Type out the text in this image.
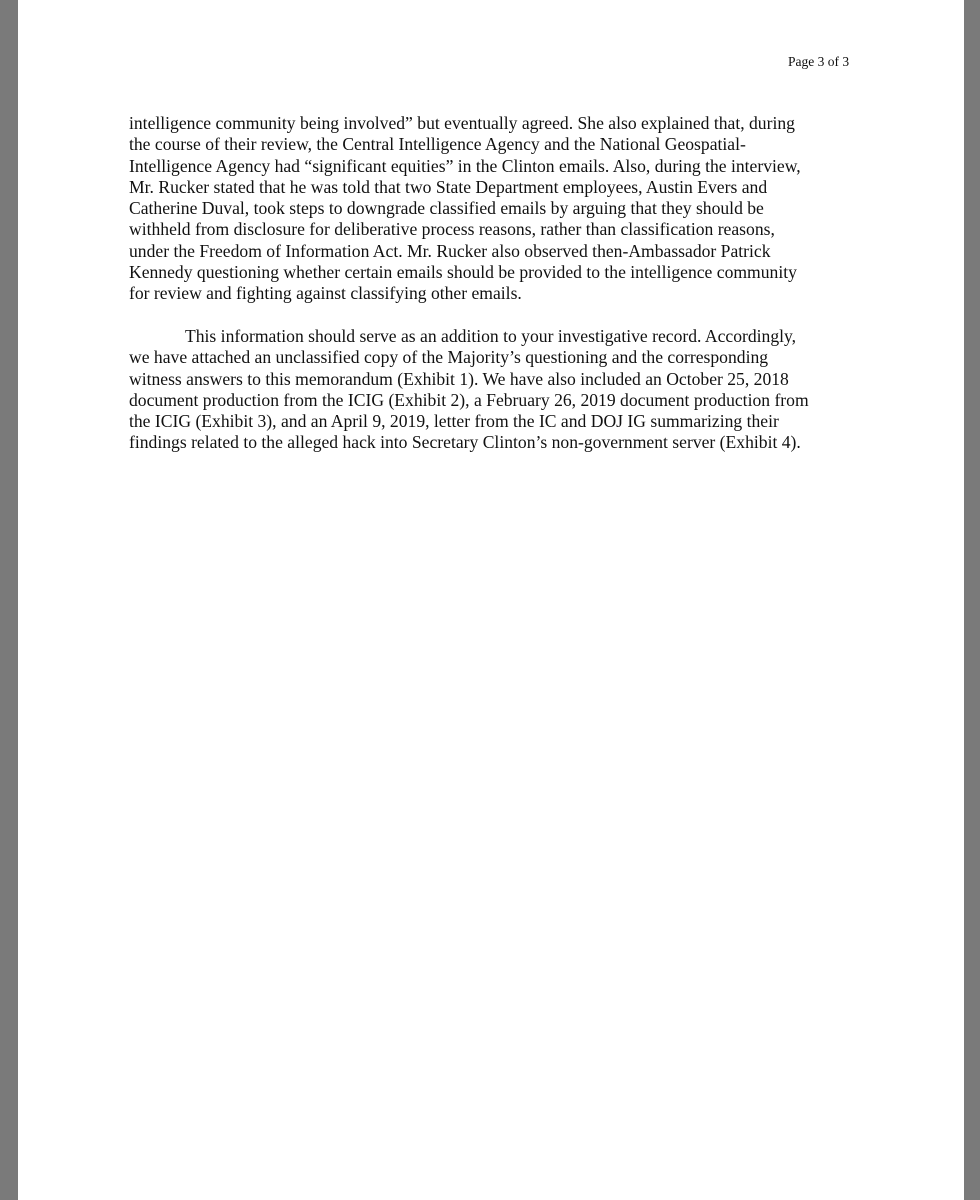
Page 3 of 3

intelligence community being involved” but eventually agreed. She also explained that, during
the course of their review, the Central Intelligence Agency and the National Geospatial-
Intelligence Agency had “significant equities” in the Clinton emails. Also, during the interview,
Mr. Rucker stated that he was told that two State Department employees, Austin Evers and
Catherine Duval, took steps to downgrade classified emails by arguing that they should be
withheld from disclosure for deliberative process reasons, rather than classification reasons,
under the Freedom of Information Act. Mr. Rucker also observed then-Ambassador Patrick
Kennedy questioning whether certain emails should be provided to the intelligence community
for review and fighting against classifying other emails.

This information should serve as an addition to your investigative record. Accordingly,
we have attached an unclassified copy of the Majority’s questioning and the corresponding
witness answers to this memorandum (Exhibit 1). We have also included an October 25, 2018
document production from the ICIG (Exhibit 2), a February 26, 2019 document production from
the ICIG (Exhibit 3), and an April 9, 2019, letter from the IC and DOJ IG summarizing their
findings related to the alleged hack into Secretary Clinton’s non-government server (Exhibit 4).
